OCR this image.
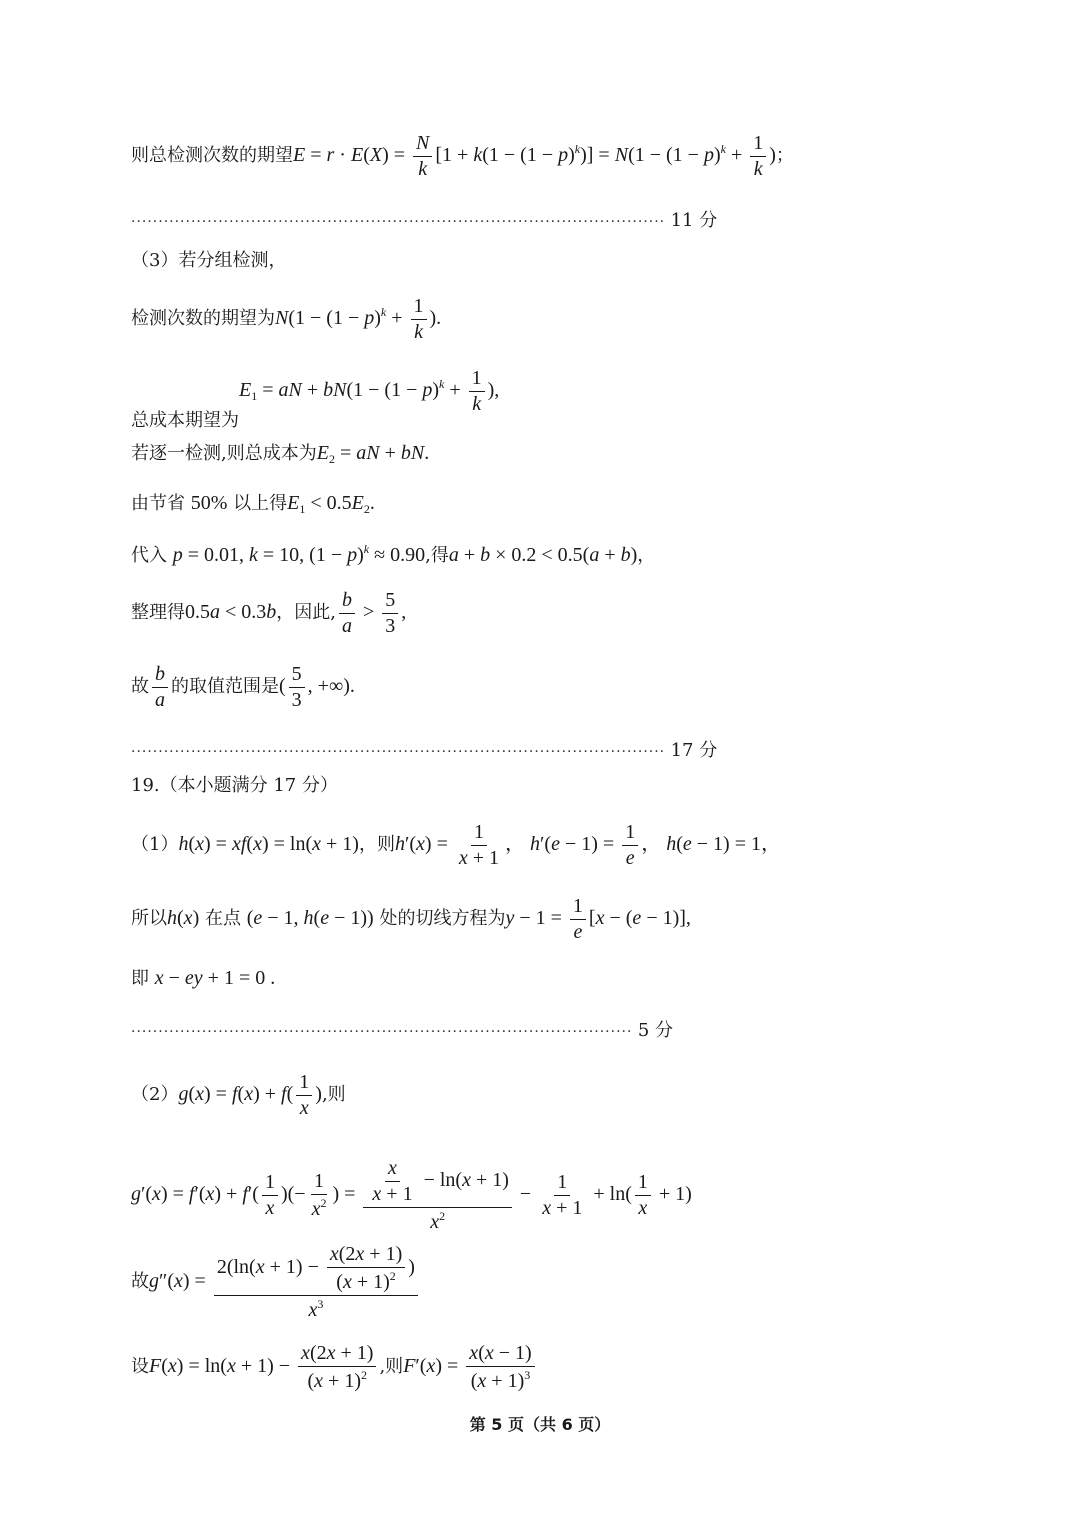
则总检测次数的期望$E = r \cdot E(X) = \frac{N}{k} [1 + k(1 - (1 - p)^k)] = N(1 - (1 - p)^k + \frac{1}{k}$ )；
·································································································· 11 分
（3）若分组检测，
检测次数的期望为$N(1 - (1 - p)^k + \frac{1}{k}$ ).
总成本期望为$E_1$ = aN + $bN(1 - (1 - p)^k + \frac{1}{k}$ ),
若逐一检测,则总成本为$E_2$ = aN + bN.
由节省 50% 以上得$E_1 < 0.5E_2$.
代入 p = 0.01, k = 10, $(1 - p)^k \approx 0.90$,得a + b × 0.2 < 0.5(a + b)，
整理得0.5a < 0.3b，因此, $\frac{b}{a} > \frac{5}{3}$ ,
故 $\frac{b}{a}$ 的取值范围是( $\frac{5}{3}$ , +∞).
·································································································· 17 分
19.（本小题满分 17 分）
（1）h(x) = xf(x) = ln(x + 1)，则$h'(x) = \frac{1}{x + 1}$ ， $h'(e - 1) = \frac{1}{e}$ ， h(e − 1) = 1，
所以h(x) 在点 (e − 1, h(e − 1)) 处的切线方程为$y - 1 = \frac{1}{e} [x - (e - 1)]$,
即 x − ey + 1 = 0 .
···························································································· 5 分
$(2)g(x) = f(x) + f( \frac{1}{x}$ ),则
$g'(x) = f'(x) + f'( \frac{1}{x}$ )(− $\frac{1}{x^2}$ ) = $\frac{\frac{x}{x + 1} - \ln(x + 1)}{x^2} - \frac{1}{x + 1} + \ln( \frac{1}{x} + 1)$
故$g''(x) = \frac{2(\ln(x + 1) - \frac{x(2x + 1)}{(x + 1)^2} )}{x^3}$
设$F(x) = \ln(x + 1) - \frac{x(2x + 1)}{(x + 1)^2}$ ,则$F'(x) = \frac{x(x - 1)}{(x + 1)^3}$
第 5 页（共 6 页）
